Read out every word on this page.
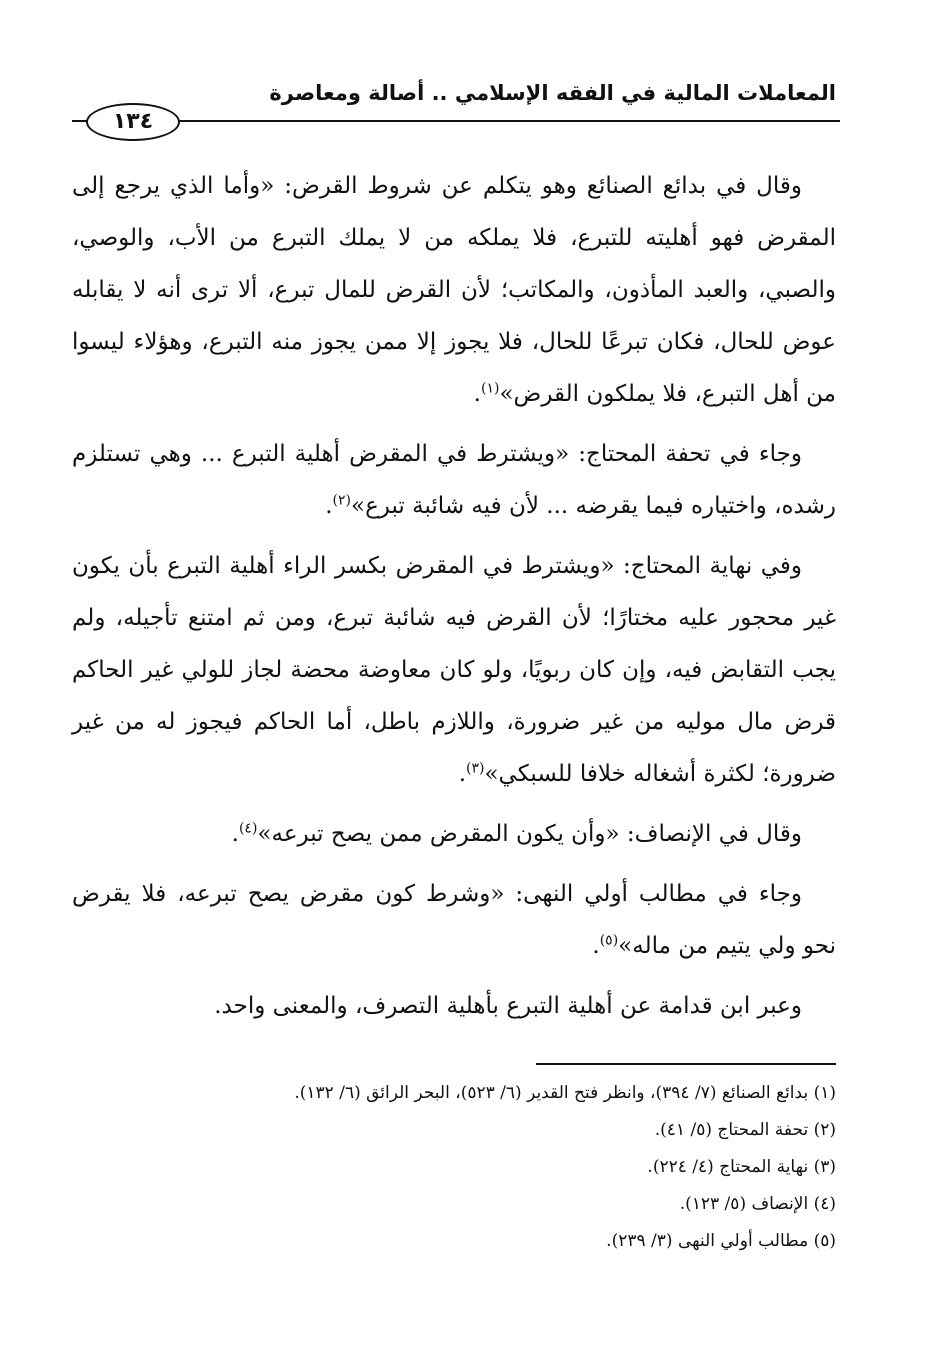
المعاملات المالية في الفقه الإسلامي .. أصالة ومعاصرة
١٣٤

وقال في بدائع الصنائع وهو يتكلم عن شروط القرض: «وأما الذي يرجع إلى المقرض فهو أهليته للتبرع، فلا يملكه من لا يملك التبرع من الأب، والوصي، والصبي، والعبد المأذون، والمكاتب؛ لأن القرض للمال تبرع، ألا ترى أنه لا يقابله عوض للحال، فكان تبرعًا للحال، فلا يجوز إلا ممن يجوز منه التبرع، وهؤلاء ليسوا من أهل التبرع، فلا يملكون القرض»$^{(١)}$.

وجاء في تحفة المحتاج: «ويشترط في المقرض أهلية التبرع ... وهي تستلزم رشده، واختياره فيما يقرضه ... لأن فيه شائبة تبرع»$^{(٢)}$.

وفي نهاية المحتاج: «ويشترط في المقرض بكسر الراء أهلية التبرع بأن يكون غير محجور عليه مختارًا؛ لأن القرض فيه شائبة تبرع، ومن ثم امتنع تأجيله، ولم يجب التقابض فيه، وإن كان ربويًا، ولو كان معاوضة محضة لجاز للولي غير الحاكم قرض مال موليه من غير ضرورة، واللازم باطل، أما الحاكم فيجوز له من غير ضرورة؛ لكثرة أشغاله خلافا للسبكي»$^{(٣)}$.

وقال في الإنصاف: «وأن يكون المقرض ممن يصح تبرعه»$^{(٤)}$.

وجاء في مطالب أولي النهى: «وشرط كون مقرض يصح تبرعه، فلا يقرض نحو ولي يتيم من ماله»$^{(٥)}$.

وعبر ابن قدامة عن أهلية التبرع بأهلية التصرف، والمعنى واحد.

(١) بدائع الصنائع (٧/ ٣٩٤)، وانظر فتح القدير (٦/ ٥٢٣)، البحر الرائق (٦/ ١٣٢).

(٢) تحفة المحتاج (٥/ ٤١).

(٣) نهاية المحتاج (٤/ ٢٢٤).

(٤) الإنصاف (٥/ ١٢٣).

(٥) مطالب أولي النهى (٣/ ٢٣٩).
